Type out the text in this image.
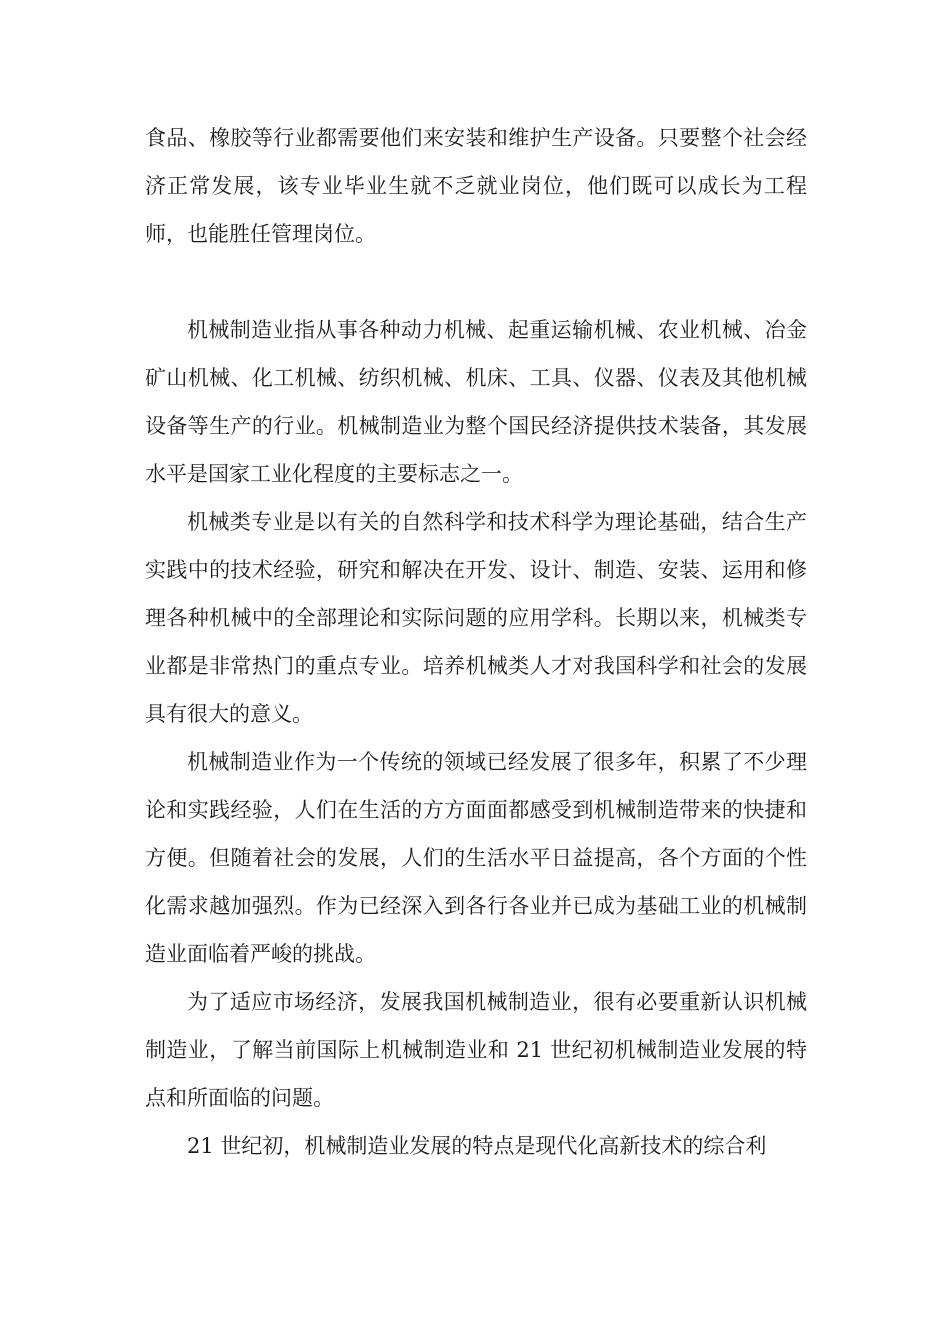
食品、橡胶等行业都需要他们来安装和维护生产设备。只要整个社会经济正常发展，该专业毕业生就不乏就业岗位，他们既可以成长为工程师，也能胜任管理岗位。

机械制造业指从事各种动力机械、起重运输机械、农业机械、冶金矿山机械、化工机械、纺织机械、机床、工具、仪器、仪表及其他机械设备等生产的行业。机械制造业为整个国民经济提供技术装备，其发展水平是国家工业化程度的主要标志之一。

机械类专业是以有关的自然科学和技术科学为理论基础，结合生产实践中的技术经验，研究和解决在开发、设计、制造、安装、运用和修理各种机械中的全部理论和实际问题的应用学科。长期以来，机械类专业都是非常热门的重点专业。培养机械类人才对我国科学和社会的发展具有很大的意义。

机械制造业作为一个传统的领域已经发展了很多年，积累了不少理论和实践经验，人们在生活的方方面面都感受到机械制造带来的快捷和方便。但随着社会的发展，人们的生活水平日益提高，各个方面的个性化需求越加强烈。作为已经深入到各行各业并已成为基础工业的机械制造业面临着严峻的挑战。

为了适应市场经济，发展我国机械制造业，很有必要重新认识机械制造业，了解当前国际上机械制造业和 21 世纪初机械制造业发展的特点和所面临的问题。

21 世纪初，机械制造业发展的特点是现代化高新技术的综合利
